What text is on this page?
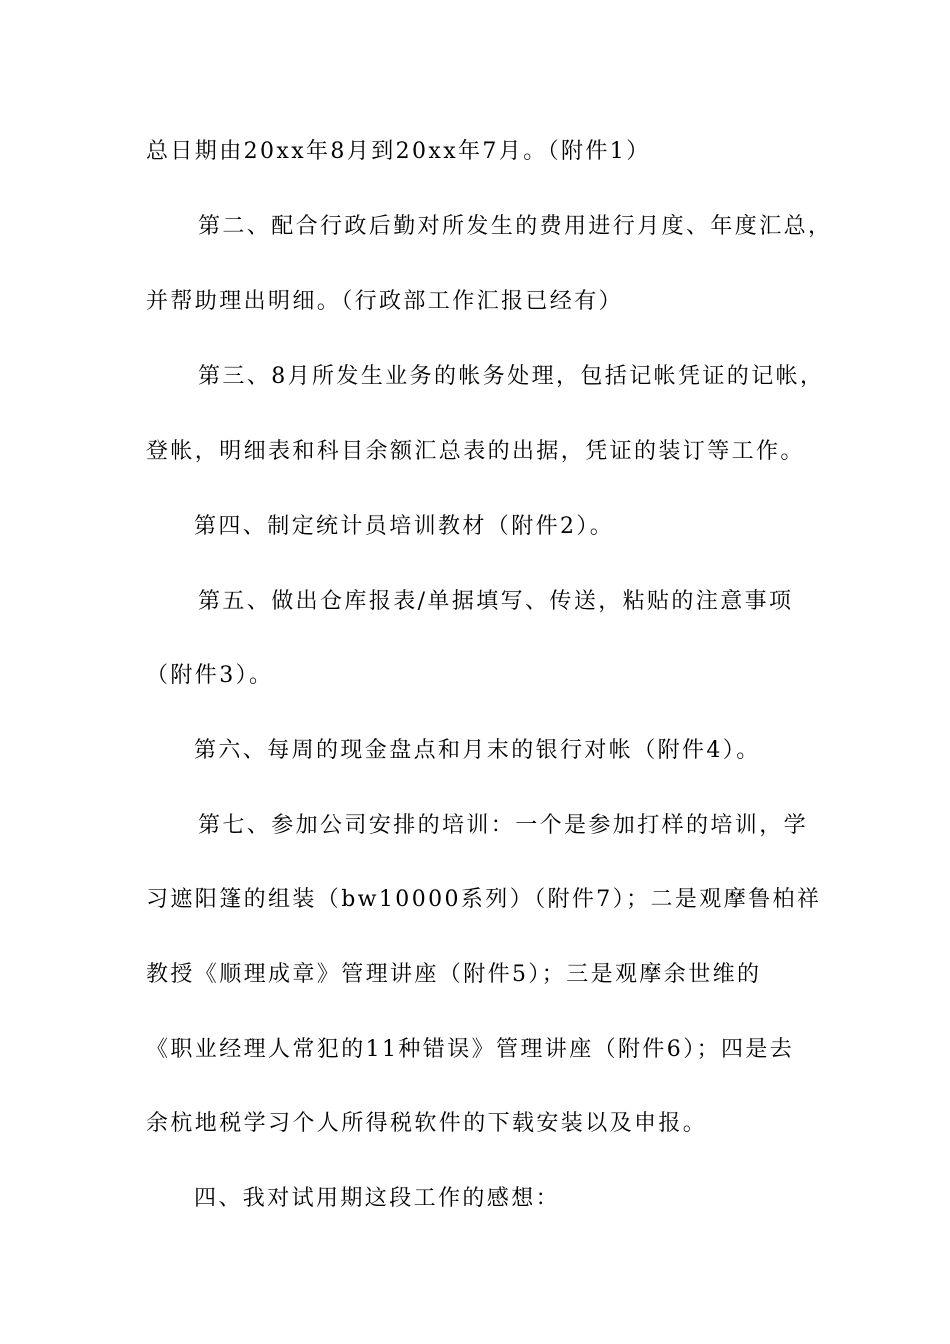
总日期由20xx年8月到20xx年7月。（附件1）
第二、配合行政后勤对所发生的费用进行月度、年度汇总，
并帮助理出明细。（行政部工作汇报已经有）
第三、8月所发生业务的帐务处理，包括记帐凭证的记帐，
登帐，明细表和科目余额汇总表的出据，凭证的装订等工作。
第四、制定统计员培训教材（附件2）。
第五、做出仓库报表/单据填写、传送，粘贴的注意事项
（附件3）。
第六、每周的现金盘点和月末的银行对帐（附件4）。
第七、参加公司安排的培训：一个是参加打样的培训，学
习遮阳篷的组装（bw10000系列）（附件7）；二是观摩鲁柏祥
教授《顺理成章》管理讲座（附件5）；三是观摩余世维的
《职业经理人常犯的11种错误》管理讲座（附件6）；四是去
余杭地税学习个人所得税软件的下载安装以及申报。
四、我对试用期这段工作的感想：
